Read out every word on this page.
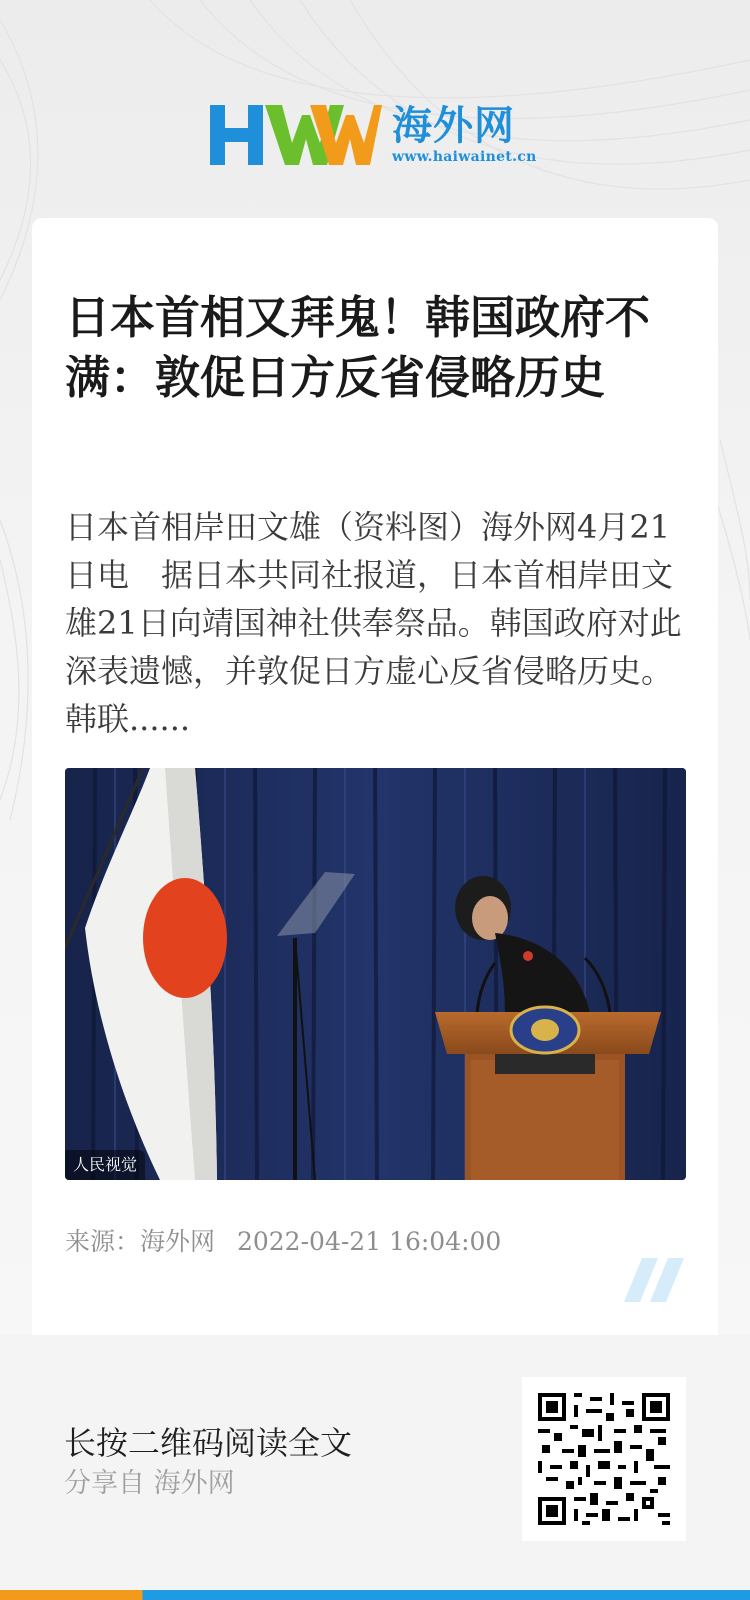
海外网
www.haiwainet.cn
日本首相又拜鬼！韩国政府不满：敦促日方反省侵略历史

日本首相岸田文雄（资料图）海外网4月21日电　据日本共同社报道，日本首相岸田文雄21日向靖国神社供奉祭品。韩国政府对此深表遗憾，并敦促日方虚心反省侵略历史。韩联......

人民视觉
来源：海外网 2022-04-21 16:04:00
长按二维码阅读全文
分享自 海外网
